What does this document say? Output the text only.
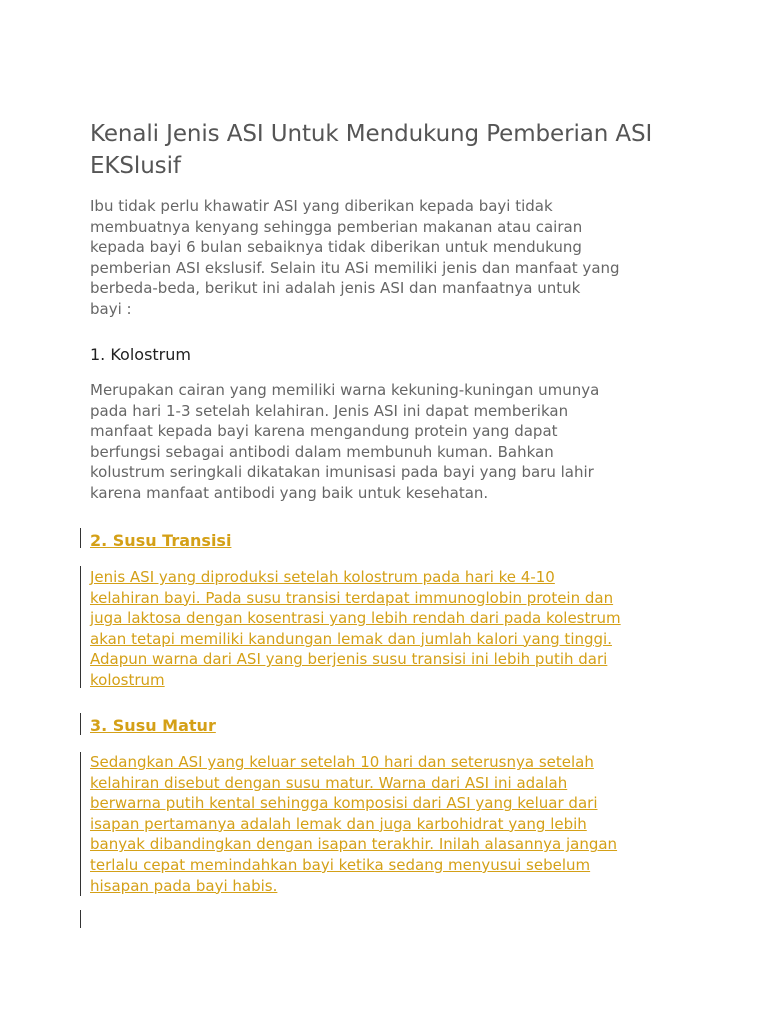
Kenali Jenis ASI Untuk Mendukung Pemberian ASI EKSlusif

Ibu tidak perlu khawatir ASI yang diberikan kepada bayi tidak
membuatnya kenyang sehingga pemberian makanan atau cairan
kepada bayi 6 bulan sebaiknya tidak diberikan untuk mendukung
pemberian ASI ekslusif. Selain itu ASi memiliki jenis dan manfaat yang
berbeda-beda, berikut ini adalah jenis ASI dan manfaatnya untuk
bayi :

1. Kolostrum

Merupakan cairan yang memiliki warna kekuning-kuningan umunya
pada hari 1-3 setelah kelahiran. Jenis ASI ini dapat memberikan
manfaat kepada bayi karena mengandung protein yang dapat
berfungsi sebagai antibodi dalam membunuh kuman. Bahkan
kolustrum seringkali dikatakan imunisasi pada bayi yang baru lahir
karena manfaat antibodi yang baik untuk kesehatan.

2. Susu Transisi

Jenis ASI yang diproduksi setelah kolostrum pada hari ke 4-10
kelahiran bayi. Pada susu transisi terdapat immunoglobin protein dan
juga laktosa dengan kosentrasi yang lebih rendah dari pada kolestrum
akan tetapi memiliki kandungan lemak dan jumlah kalori yang tinggi.
Adapun warna dari ASI yang berjenis susu transisi ini lebih putih dari
kolostrum

3. Susu Matur

Sedangkan ASI yang keluar setelah 10 hari dan seterusnya setelah
kelahiran disebut dengan susu matur. Warna dari ASI ini adalah
berwarna putih kental sehingga komposisi dari ASI yang keluar dari
isapan pertamanya adalah lemak dan juga karbohidrat yang lebih
banyak dibandingkan dengan isapan terakhir. Inilah alasannya jangan
terlalu cepat memindahkan bayi ketika sedang menyusui sebelum
hisapan pada bayi habis.
